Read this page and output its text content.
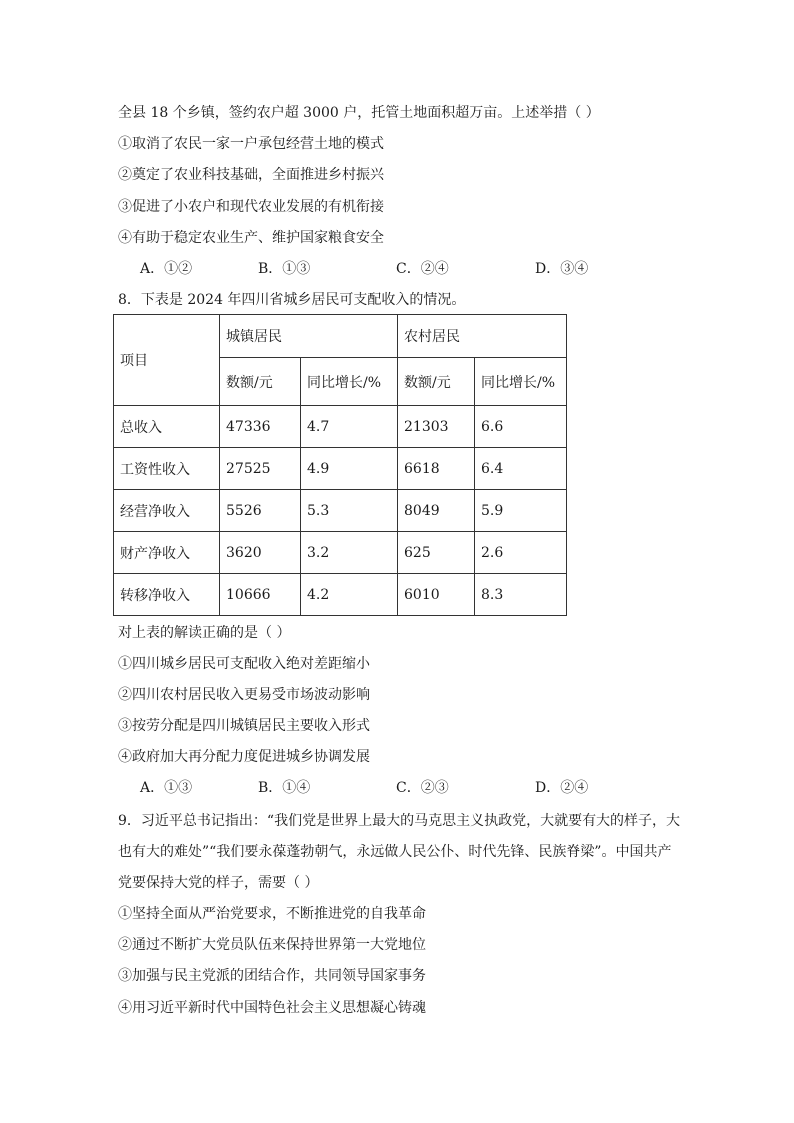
全县 18 个乡镇，签约农户超 3000 户，托管土地面积超万亩。上述举措（ ）
①取消了农民一家一户承包经营土地的模式
②奠定了农业科技基础，全面推进乡村振兴
③促进了小农户和现代农业发展的有机衔接
④有助于稳定农业生产、维护国家粮食安全
A．①②	B．①③	C．②④	D．③④
8．下表是 2024 年四川省城乡居民可支配收入的情况。
项目	城镇居民		农村居民	
	数额/元	同比增长/%	数额/元	同比增长/%
总收入	47336	4.7	21303	6.6
工资性收入	27525	4.9	6618	6.4
经营净收入	5526	5.3	8049	5.9
财产净收入	3620	3.2	625	2.6
转移净收入	10666	4.2	6010	8.3
对上表的解读正确的是（ ）
①四川城乡居民可支配收入绝对差距缩小
②四川农村居民收入更易受市场波动影响
③按劳分配是四川城镇居民主要收入形式
④政府加大再分配力度促进城乡协调发展
A．①③	B．①④	C．②③	D．②④
9．习近平总书记指出：“我们党是世界上最大的马克思主义执政党，大就要有大的样子，大
也有大的难处”“我们要永葆蓬勃朝气，永远做人民公仆、时代先锋、民族脊梁”。中国共产
党要保持大党的样子，需要（ ）
①坚持全面从严治党要求，不断推进党的自我革命
②通过不断扩大党员队伍来保持世界第一大党地位
③加强与民主党派的团结合作，共同领导国家事务
④用习近平新时代中国特色社会主义思想凝心铸魂
